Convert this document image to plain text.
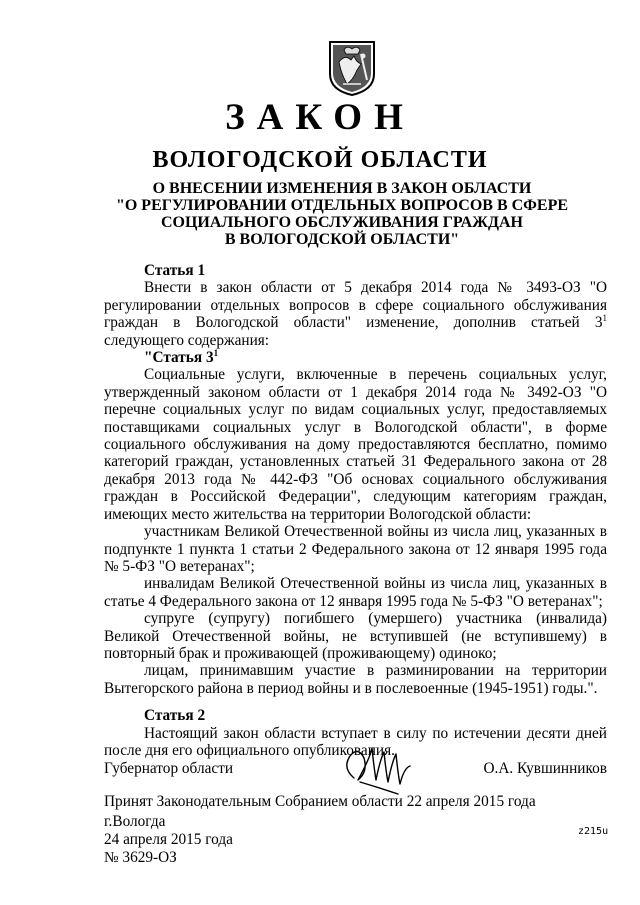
ЗАКОН
ВОЛОГОДСКОЙ ОБЛАСТИ
О ВНЕСЕНИИ ИЗМЕНЕНИЯ В ЗАКОН ОБЛАСТИ
"О РЕГУЛИРОВАНИИ ОТДЕЛЬНЫХ ВОПРОСОВ В СФЕРЕ
СОЦИАЛЬНОГО ОБСЛУЖИВАНИЯ ГРАЖДАН
В ВОЛОГОДСКОЙ ОБЛАСТИ"

Статья 1

Внести в закон области от 5 декабря 2014 года № 3493-ОЗ "О регулировании отдельных вопросов в сфере социального обслуживания граждан в Вологодской области" изменение, дополнив статьей $3^1$ следующего содержания:

"Статья $3^1$

Социальные услуги, включенные в перечень социальных услуг, утвержденный законом области от 1 декабря 2014 года № 3492-ОЗ "О перечне социальных услуг по видам социальных услуг, предоставляемых поставщиками социальных услуг в Вологодской области", в форме социального обслуживания на дому предоставляются бесплатно, помимо категорий граждан, установленных статьей 31 Федерального закона от 28 декабря 2013 года № 442-ФЗ "Об основах социального обслуживания граждан в Российской Федерации", следующим категориям граждан, имеющих место жительства на территории Вологодской области:

участникам Великой Отечественной войны из числа лиц, указанных в подпункте 1 пункта 1 статьи 2 Федерального закона от 12 января 1995 года № 5-ФЗ "О ветеранах";

инвалидам Великой Отечественной войны из числа лиц, указанных в статье 4 Федерального закона от 12 января 1995 года № 5-ФЗ "О ветеранах";

супруге (супругу) погибшего (умершего) участника (инвалида) Великой Отечественной войны, не вступившей (не вступившему) в повторный брак и проживающей (проживающему) одиноко;

лицам, принимавшим участие в разминировании на территории Вытегорского района в период войны и в послевоенные (1945-1951) годы.".

Статья 2

Настоящий закон области вступает в силу по истечении десяти дней после дня его официального опубликования.

Губернатор области	О.А. Кувшинников
Принят Законодательным Собранием области 22 апреля 2015 года
г.Вологда
24 апреля 2015 года
№ 3629-ОЗ
z215u
